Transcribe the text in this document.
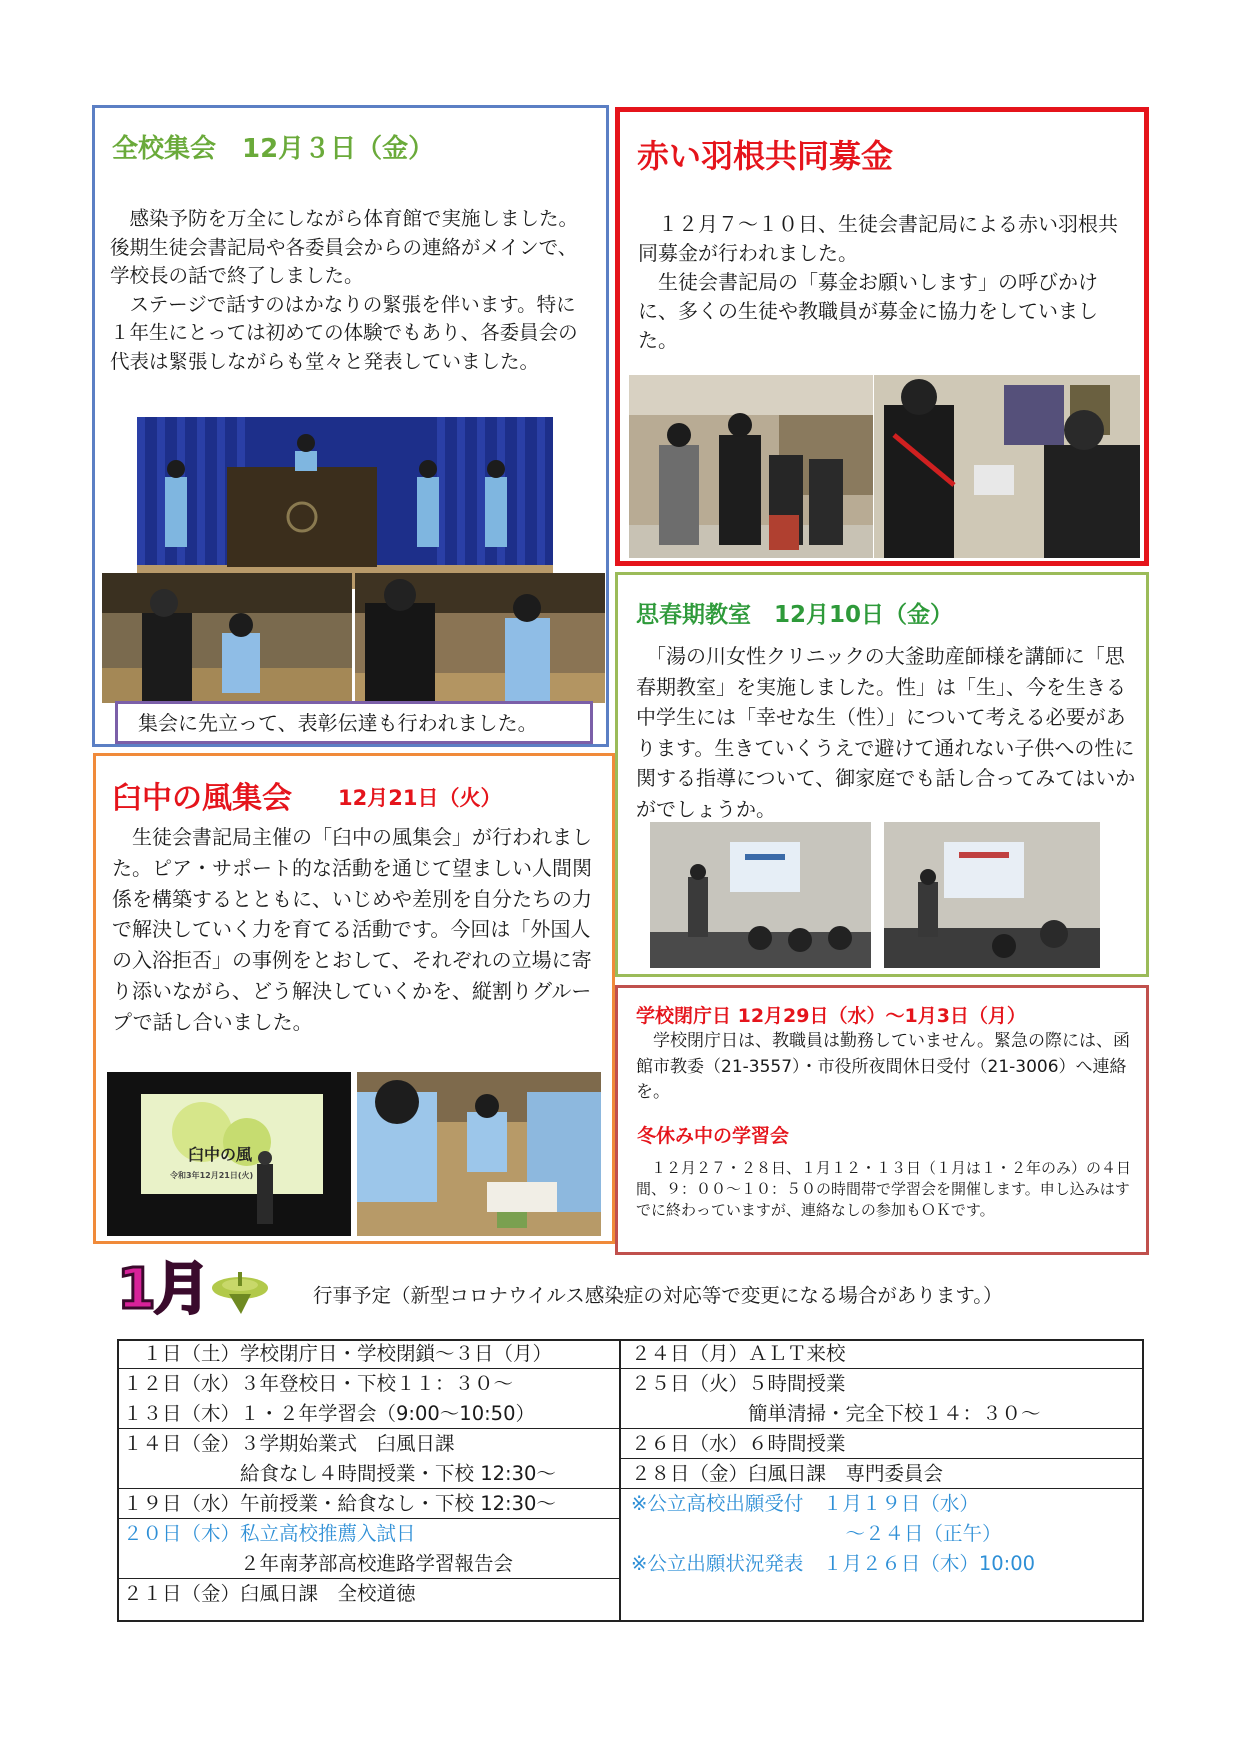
全校集会　12月３日（金）
　感染予防を万全にしながら体育館で実施しました。後期生徒会書記局や各委員会からの連絡がメインで、学校長の話で終了しました。
　ステージで話すのはかなりの緊張を伴います。特に１年生にとっては初めての体験でもあり、各委員会の代表は緊張しながらも堂々と発表していました。
集会に先立って、表彰伝達も行われました。
赤い羽根共同募金
　１２月７～１０日、生徒会書記局による赤い羽根共同募金が行われました。
　生徒会書記局の「募金お願いします」の呼びかけに、多くの生徒や教職員が募金に協力をしていました。
思春期教室　12月10日（金）
　「湯の川女性クリニックの大釜助産師様を講師に「思春期教室」を実施しました。性」は「生」、今を生きる中学生には「幸せな生（性）」について考える必要があります。生きていくうえで避けて通れない子供への性に関する指導について、御家庭でも話し合ってみてはいかがでしょうか。
臼中の風集会 12月21日（火）
　生徒会書記局主催の「臼中の風集会」が行われました。ピア・サポート的な活動を通じて望ましい人間関係を構築するとともに、いじめや差別を自分たちの力で解決していく力を育てる活動です。今回は「外国人の入浴拒否」の事例をとおして、それぞれの立場に寄り添いながら、どう解決していくかを、縦割りグループで話し合いました。
臼中の風
令和3年12月21日(火)
学校閉庁日 12月29日（水）～1月3日（月）
　学校閉庁日は、教職員は勤務していません。緊急の際には、函館市教委（21-3557）・市役所夜間休日受付（21-3006）へ連絡を。
冬休み中の学習会
　１２月２７・２８日、１月１２・１３日（１月は１・２年のみ）の４日間、９：００～１０：５０の時間帯で学習会を開催します。申し込みはすでに終わっていますが、連絡なしの参加もＯＫです。
1月	行事予定（新型コロナウイルス感染症の対応等で変更になる場合があります。）
　１日（土）学校閉庁日・学校閉鎖～３日（月）
１２日（水）３年登校日・下校１１：３０～
１３日（木）１・２年学習会（9:00～10:50）
１４日（金）３学期始業式　臼風日課
　　　　　　給食なし４時間授業・下校 12:30～
１９日（水）午前授業・給食なし・下校 12:30～
２０日（木）私立高校推薦入試日
　　　　　　２年南茅部高校進路学習報告会
２１日（金）臼風日課　全校道徳
２４日（月）ＡＬＴ来校
２５日（火）５時間授業
　　　　　　簡単清掃・完全下校１４：３０～
２６日（水）６時間授業
２８日（金）臼風日課　専門委員会
※公立高校出願受付　１月１９日（水）
　　　　　　　　　　　～２４日（正午）
※公立出願状況発表　１月２６日（木）10:00
